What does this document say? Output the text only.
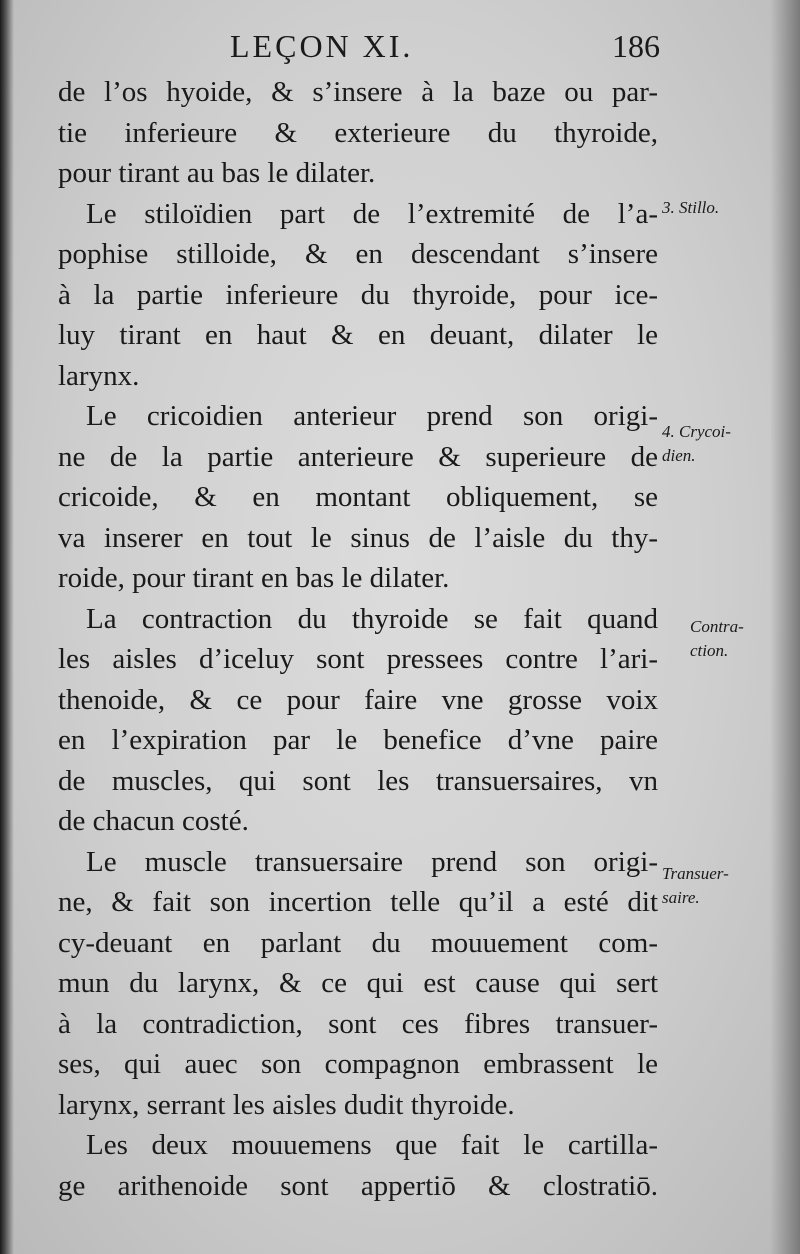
LEÇON XI.	186
de l’os hyoide, & s’insere à la baze ou par-
tie inferieure & exterieure du thyroide,
pour tirant au bas le dilater.
Le stiloïdien part de l’extremité de l’a-
pophise stilloide, & en descendant s’insere
à la partie inferieure du thyroide, pour ice-
luy tirant en haut & en deuant, dilater le
larynx.
Le cricoidien anterieur prend son origi-
ne de la partie anterieure & superieure de
cricoide, & en montant obliquement, se
va inserer en tout le sinus de l’aisle du thy-
roide, pour tirant en bas le dilater.
La contraction du thyroide se fait quand
les aisles d’iceluy sont pressees contre l’ari-
thenoide, & ce pour faire vne grosse voix
en l’expiration par le benefice d’vne paire
de muscles, qui sont les transuersaires, vn
de chacun costé.
Le muscle transuersaire prend son origi-
ne, & fait son incertion telle qu’il a esté dit
cy-deuant en parlant du mouuement com-
mun du larynx, & ce qui est cause qui sert
à la contradiction, sont ces fibres transuer-
ses, qui auec son compagnon embrassent le
larynx, serrant les aisles dudit thyroide.
Les deux mouuemens que fait le cartilla-
ge arithenoide sont appertiō & clostratiō.
3. Stillo.
4. Crycoi-
dien.
Contra-
ction.
Transuer-
saire.
